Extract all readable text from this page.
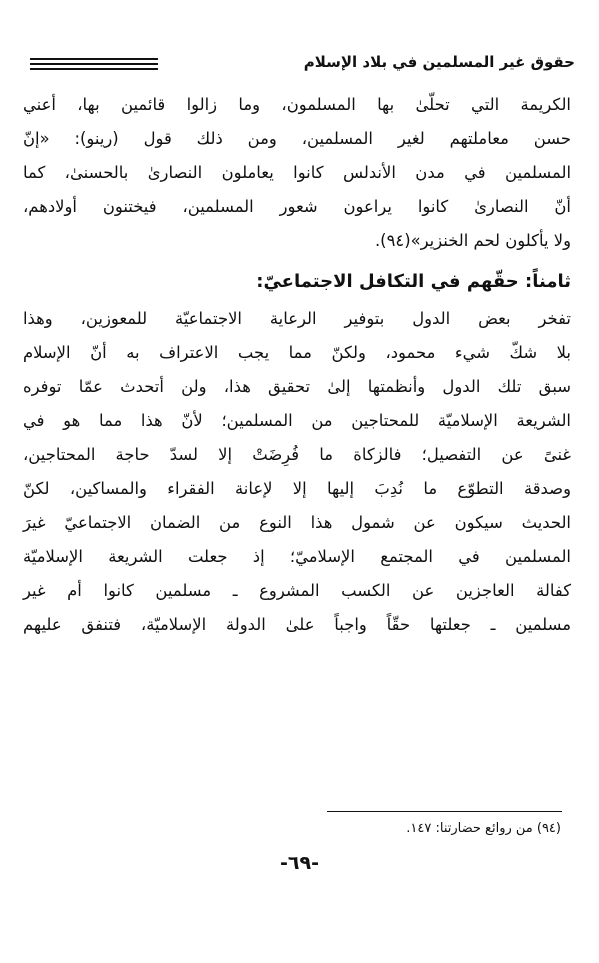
حقوق غير المسلمين في بلاد الإسلام
الكريمة التي تحلّىٰ بها المسلمون، وما زالوا قائمين بها، أعني
حسن معاملتهم لغير المسلمين، ومن ذلك قول (رينو): «إنّ
المسلمين في مدن الأندلس كانوا يعاملون النصارىٰ بالحسنىٰ، كما
أنّ النصارىٰ كانوا يراعون شعور المسلمين، فيختنون أولادهم،
ولا يأكلون لحم الخنزير»(٩٤).
ثامناً: حقّهم في التكافل الاجتماعيّ:
تفخر بعض الدول بتوفير الرعاية الاجتماعيّة للمعوزين، وهذا
بلا شكّ شيء محمود، ولكنّ مما يجب الاعتراف به أنّ الإسلام
سبق تلك الدول وأنظمتها إلىٰ تحقيق هذا، ولن أتحدث عمّا توفره
الشريعة الإسلاميّة للمحتاجين من المسلمين؛ لأنّ هذا مما هو في
غنىً عن التفصيل؛ فالزكاة ما فُرِضَتْ إلا لسدّ حاجة المحتاجين،
وصدقة التطوّع ما نُدِبَ إليها إلا لإعانة الفقراء والمساكين، لكنّ
الحديث سيكون عن شمول هذا النوع من الضمان الاجتماعيّ غيرَ
المسلمين في المجتمع الإسلاميّ؛ إذ جعلت الشريعة الإسلاميّة
كفالة العاجزين عن الكسب المشروع ـ مسلمين كانوا أم غير
مسلمين ـ جعلتها حقّاً واجباً علىٰ الدولة الإسلاميّة، فتنفق عليهم
(٩٤) من روائع حضارتنا: ١٤٧.
-٦٩-
